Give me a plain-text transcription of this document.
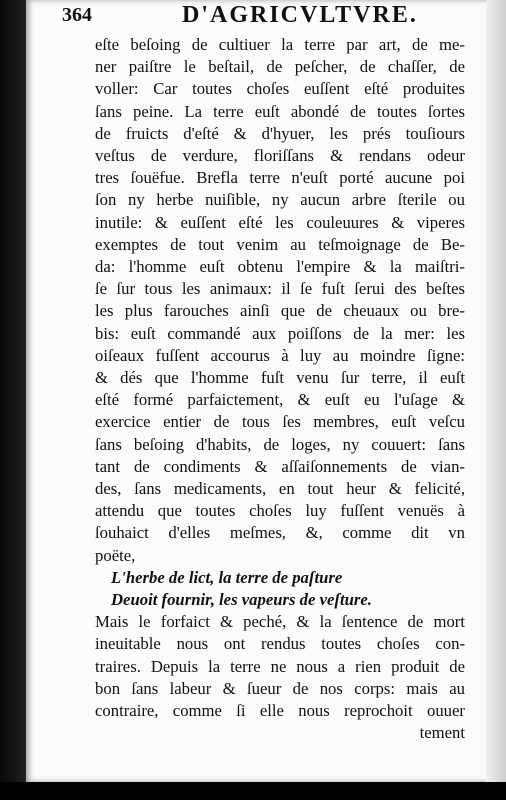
364	D'AGRICVLTVRE.
eſte beſoing de cultiuer la terre par art, de me-
ner paiſtre le beſtail, de peſcher, de chaſſer, de
voller: Car toutes choſes euſſent eſté produites
ſans peine. La terre euſt abondé de toutes ſortes
de fruicts d'eſté & d'hyuer, les prés touſiours
veſtus de verdure, floriſſans & rendans odeur
tres ſouëfue. Brefla terre n'euſt porté aucune poi
ſon ny herbe nuiſible, ny aucun arbre ſterile ou
inutile: & euſſent eſté les couleuures & viperes
exemptes de tout venim au teſmoignage de Be-
da: l'homme euſt obtenu l'empire & la maiſtri-
ſe ſur tous les animaux: il ſe fuſt ſerui des beſtes
les plus farouches ainſi que de cheuaux ou bre-
bis: euſt commandé aux poiſſons de la mer: les
oiſeaux fuſſent accourus à luy au moindre ſigne:
& dés que l'homme fuſt venu ſur terre, il euſt
eſté formé parfaictement, & euſt eu l'uſage &
exercice entier de tous ſes membres, euſt veſcu
ſans beſoing d'habits, de loges, ny couuert: ſans
tant de condiments & aſſaiſonnements de vian-
des, ſans medicaments, en tout heur & felicité,
attendu que toutes choſes luy fuſſent venuës à
ſouhaict d'elles meſmes, &, comme dit vn
poëte,
L'herbe de lict, la terre de paſture
Deuoit fournir, les vapeurs de veſture.
Mais le forfaict & peché, & la ſentence de mort
ineuitable nous ont rendus toutes choſes con-
traires. Depuis la terre ne nous a rien produit de
bon ſans labeur & ſueur de nos corps: mais au
contraire, comme ſi elle nous reprochoit ouuer
tement
